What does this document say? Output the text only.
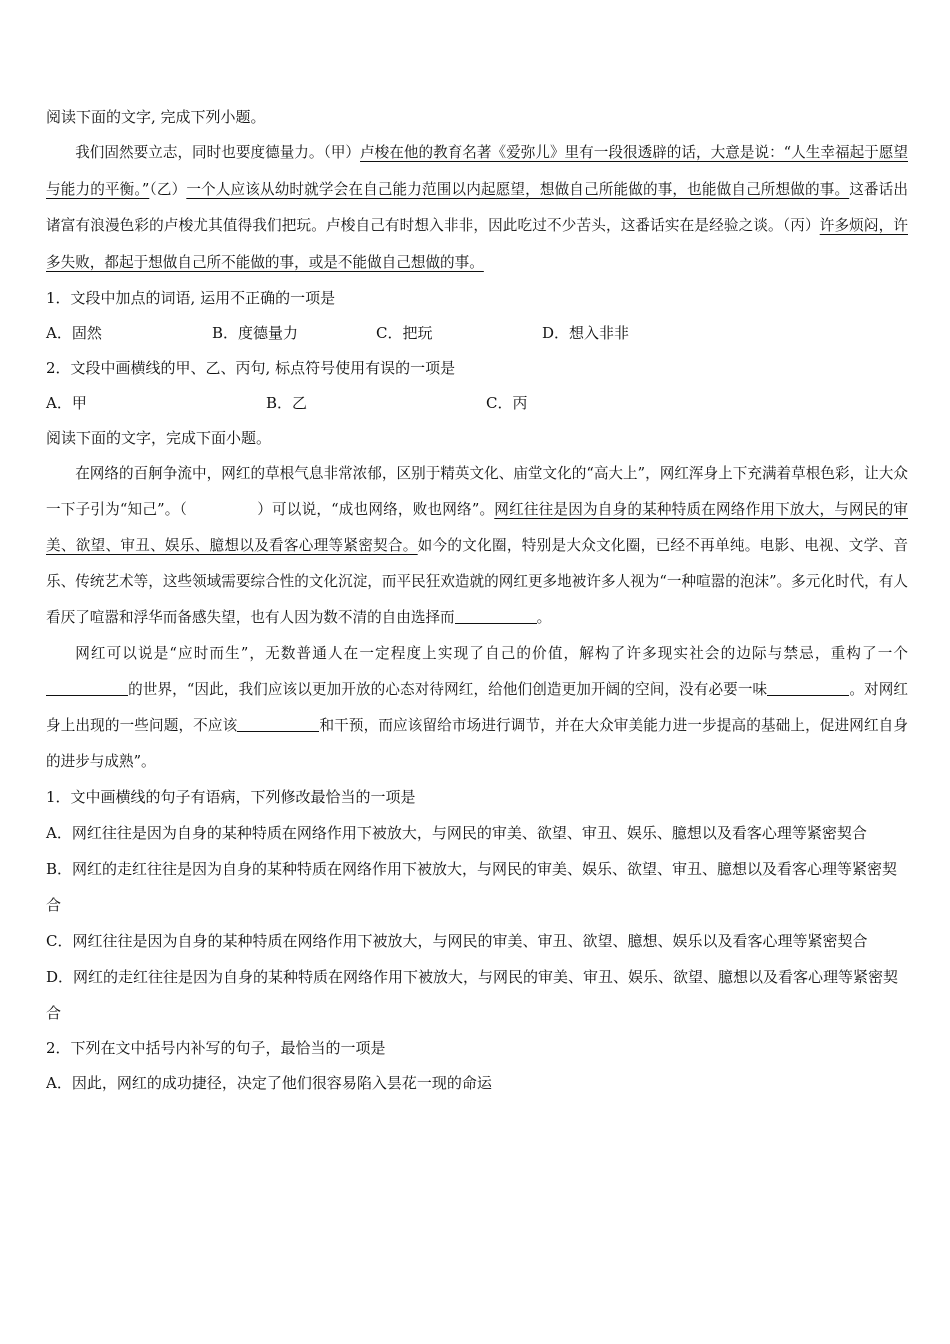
阅读下面的文字, 完成下列小题。
我们固然要立志，同时也要度德量力。（甲）卢梭在他的教育名著《爱弥儿》里有一段很透辟的话，大意是说：“人生幸福起于愿望与能力的平衡。”（乙）一个人应该从幼时就学会在自己能力范围以内起愿望，想做自己所能做的事，也能做自己所想做的事。这番话出诸富有浪漫色彩的卢梭尤其值得我们把玩。卢梭自己有时想入非非，因此吃过不少苦头，这番话实在是经验之谈。（丙）许多烦闷，许多失败，都起于想做自己所不能做的事，或是不能做自己想做的事。
1．文段中加点的词语, 运用不正确的一项是
A．固然	B．度德量力	C．把玩	D．想入非非
2．文段中画横线的甲、乙、丙句, 标点符号使用有误的一项是
A．甲	B．乙	C．丙
阅读下面的文字，完成下面小题。
在网络的百舸争流中，网红的草根气息非常浓郁，区别于精英文化、庙堂文化的“高大上”，网红浑身上下充满着草根色彩，让大众一下子引为“知己”。（	）可以说，“成也网络，败也网络”。网红往往是因为自身的某种特质在网络作用下放大，与网民的审美、欲望、审丑、娱乐、臆想以及看客心理等紧密契合。如今的文化圈，特别是大众文化圈，已经不再单纯。电影、电视、文学、音乐、传统艺术等，这些领域需要综合性的文化沉淀，而平民狂欢造就的网红更多地被许多人视为“一种喧嚣的泡沫”。多元化时代，有人看厌了喧嚣和浮华而备感失望，也有人因为数不清的自由选择而	。
网红可以说是“应时而生”，无数普通人在一定程度上实现了自己的价值，解构了许多现实社会的边际与禁忌，重构了一个的世界，“因此，我们应该以更加开放的心态对待网红，给他们创造更加开阔的空间，没有必要一味	。对网红身上出现的一些问题，不应该	和干预，而应该留给市场进行调节，并在大众审美能力进一步提高的基础上，促进网红自身的进步与成熟”。
1．文中画横线的句子有语病，下列修改最恰当的一项是
A．网红往往是因为自身的某种特质在网络作用下被放大，与网民的审美、欲望、审丑、娱乐、臆想以及看客心理等紧密契合
B．网红的走红往往是因为自身的某种特质在网络作用下被放大，与网民的审美、娱乐、欲望、审丑、臆想以及看客心理等紧密契合
C．网红往往是因为自身的某种特质在网络作用下被放大，与网民的审美、审丑、欲望、臆想、娱乐以及看客心理等紧密契合
D．网红的走红往往是因为自身的某种特质在网络作用下被放大，与网民的审美、审丑、娱乐、欲望、臆想以及看客心理等紧密契合
2．下列在文中括号内补写的句子，最恰当的一项是
A．因此，网红的成功捷径，决定了他们很容易陷入昙花一现的命运
